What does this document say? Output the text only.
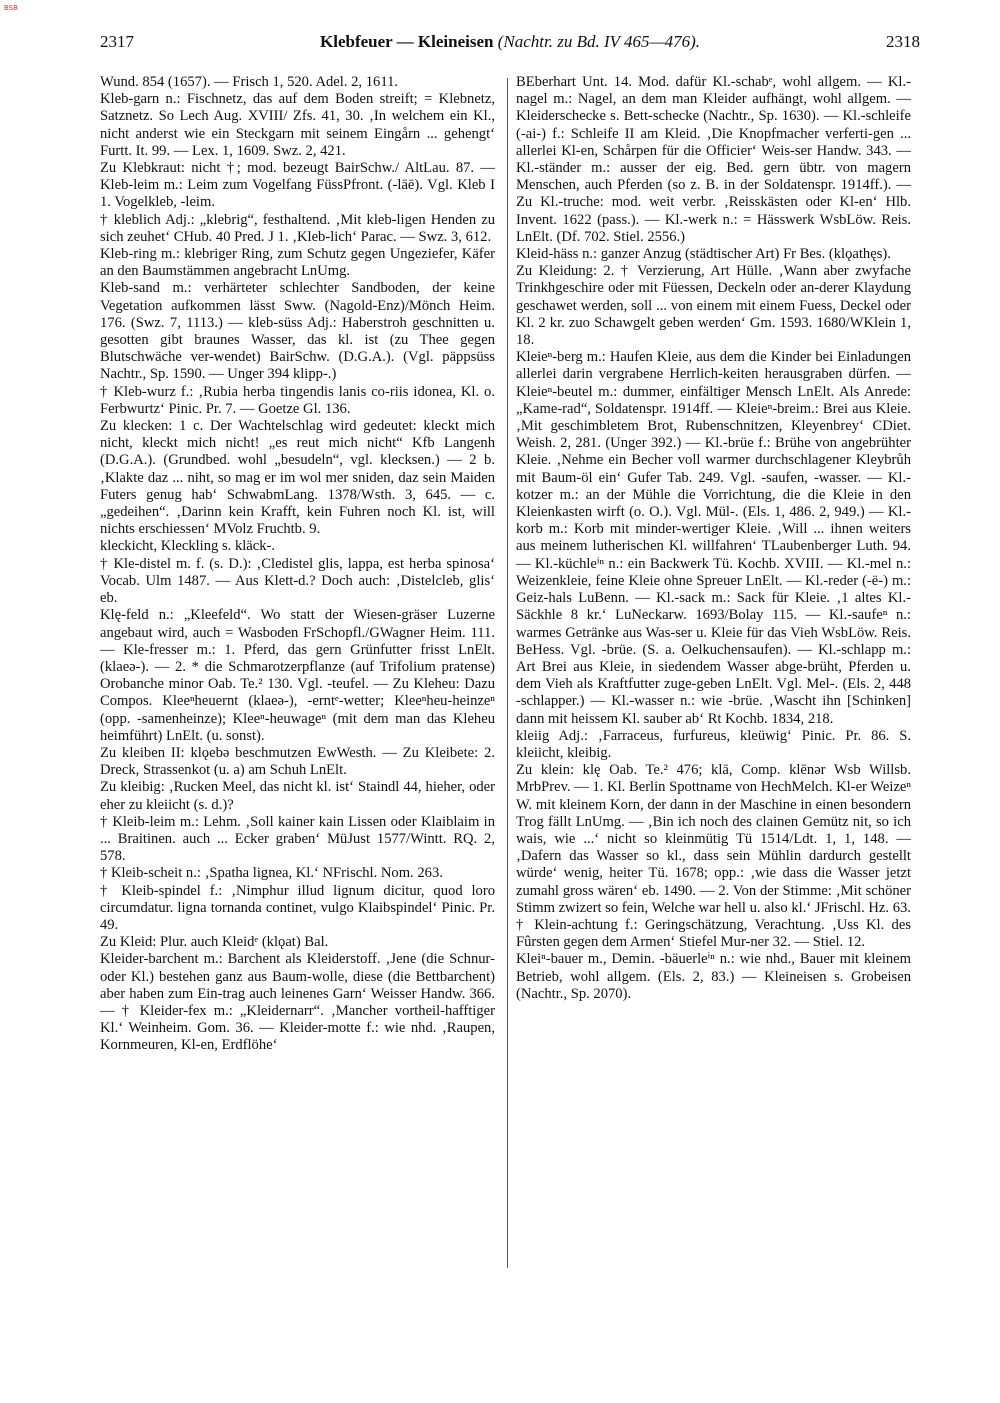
BSB
2317	Klebfeuer — Kleineisen (Nachtr. zu Bd. IV 465—476).	2318

Wund. 854 (1657). — Frisch 1, 520. Adel. 2, 1611.

Kleb-garn n.: Fischnetz, das auf dem Boden streift; = Klebnetz, Satznetz. So Lech Aug. XVIII/ Zfs. 41, 30. ‚In welchem ein Kl., nicht anderst wie ein Steckgarn mit seinem Eingårn ... gehengt‘ Furtt. It. 99. — Lex. 1, 1609. Swz. 2, 421.

Zu Klebkraut: nicht †; mod. bezeugt BairSchw./ AltLau. 87. — Kleb-leim m.: Leim zum Vogelfang FüssPfront. (-lāē). Vgl. Kleb I 1. Vogelkleb, -leim.

† kleblich Adj.: „klebrig“, festhaltend. ‚Mit kleb-ligen Henden zu sich zeuhet‘ CHub. 40 Pred. J 1. ‚Kleb-lich‘ Parac. — Swz. 3, 612.

Kleb-ring m.: klebriger Ring, zum Schutz gegen Ungeziefer, Käfer an den Baumstämmen angebracht LnUmg.

Kleb-sand m.: verhärteter schlechter Sandboden, der keine Vegetation aufkommen lässt Sww. (Nagold-Enz)/Mönch Heim. 176. (Swz. 7, 1113.) — kleb-süss Adj.: Haberstroh geschnitten u. gesotten gibt braunes Wasser, das kl. ist (zu Thee gegen Blutschwäche ver-wendet) BairSchw. (D.G.A.). (Vgl. päppsüss Nachtr., Sp. 1590. — Unger 394 klipp-.)

† Kleb-wurz f.: ‚Rubia herba tingendis lanis co-riis idonea, Kl. o. Ferbwurtz‘ Pinic. Pr. 7. — Goetze Gl. 136.

Zu klecken: 1 c. Der Wachtelschlag wird gedeutet: kleckt mich nicht, kleckt mich nicht! „es reut mich nicht“ Kfb Langenh (D.G.A.). (Grundbed. wohl „besudeln“, vgl. klecksen.) — 2 b. ‚Klakte daz ... niht, so mag er im wol mer sniden, daz sein Maiden Futers genug hab‘ SchwabmLang. 1378/Wsth. 3, 645. — c. „gedeihen“. ‚Darinn kein Krafft, kein Fuhren noch Kl. ist, will nichts erschiessen‘ MVolz Fruchtb. 9.

kleckicht, Kleckling s. kläck-.

† Kle-distel m. f. (s. D.): ‚Cledistel glis, lappa, est herba spinosa‘ Vocab. Ulm 1487. — Aus Klett-d.? Doch auch: ‚Distelcleb, glis‘ eb.

Klę-feld n.: „Kleefeld“. Wo statt der Wiesen-gräser Luzerne angebaut wird, auch = Wasboden FrSchopfl./GWagner Heim. 111. — Kle-fresser m.: 1. Pferd, das gern Grünfutter frisst LnElt. (klaeə-). — 2. * die Schmarotzerpflanze (auf Trifolium pratense) Orobanche minor Oab. Te.² 130. Vgl. -teufel. — Zu Kleheu: Dazu Compos. Kleeⁿheuernt (klaeə-), -erntᵉ-wetter; Kleeⁿheu-heinzeⁿ (opp. -samenheinze); Kleeⁿ-heuwageⁿ (mit dem man das Kleheu heimführt) LnElt. (u. sonst).

Zu kleiben II: klǫebə beschmutzen EwWesth. — Zu Kleibete: 2. Dreck, Strassenkot (u. a) am Schuh LnElt.

Zu kleibig: ‚Rucken Meel, das nicht kl. ist‘ Staindl 44, hieher, oder eher zu kleiicht (s. d.)?

† Kleib-leim m.: Lehm. ‚Soll kainer kain Lissen oder Klaiblaim in ... Braitinen. auch ... Ecker graben‘ MüJust 1577/Wintt. RQ. 2, 578.

† Kleib-scheit n.: ‚Spatha lignea, Kl.‘ NFrischl. Nom. 263.

† Kleib-spindel f.: ‚Nimphur illud lignum dicitur, quod loro circumdatur. ligna tornanda continet, vulgo Klaibspindel‘ Pinic. Pr. 49.

Zu Kleid: Plur. auch Kleidᵉ (klǫat) Bal.

Kleider-barchent m.: Barchent als Kleiderstoff. ‚Jene (die Schnur- oder Kl.) bestehen ganz aus Baum-wolle, diese (die Bettbarchent) aber haben zum Ein-trag auch leinenes Garn‘ Weisser Handw. 366. — † Kleider-fex m.: „Kleidernarr“. ‚Mancher vortheil-hafftiger Kl.‘ Weinheim. Gom. 36. — Kleider-motte f.: wie nhd. ‚Raupen, Kornmeuren, Kl-en, Erdflöhe‘

BEberhart Unt. 14. Mod. dafür Kl.-schabᵉ, wohl allgem. — Kl.-nagel m.: Nagel, an dem man Kleider aufhängt, wohl allgem. — Kleiderschecke s. Bett-schecke (Nachtr., Sp. 1630). — Kl.-schleife (-ai-) f.: Schleife II am Kleid. ‚Die Knopfmacher verferti-gen ... allerlei Kl-en, Schårpen für die Officier‘ Weis-ser Handw. 343. — Kl.-ständer m.: ausser der eig. Bed. gern übtr. von magern Menschen, auch Pferden (so z. B. in der Soldatenspr. 1914ff.). — Zu Kl.-truche: mod. weit verbr. ‚Reisskästen oder Kl-en‘ Hlb. Invent. 1622 (pass.). — Kl.-werk n.: = Hässwerk WsbLöw. Reis. LnElt. (Df. 702. Stiel. 2556.)

Kleid-häss n.: ganzer Anzug (städtischer Art) Fr Bes. (klǫathęs).

Zu Kleidung: 2. † Verzierung, Art Hülle. ‚Wann aber zwyfache Trinkhgeschire oder mit Füessen, Deckeln oder an-derer Klaydung geschawet werden, soll ... von einem mit einem Fuess, Deckel oder Kl. 2 kr. zuo Schawgelt geben werden‘ Gm. 1593. 1680/WKlein 1, 18.

Kleieⁿ-berg m.: Haufen Kleie, aus dem die Kinder bei Einladungen allerlei darin vergrabene Herrlich-keiten herausgraben dürfen. — Kleieⁿ-beutel m.: dummer, einfältiger Mensch LnElt. Als Anrede: „Kame-rad“, Soldatenspr. 1914ff. — Kleieⁿ-breim.: Brei aus Kleie. ‚Mit geschimbletem Brot, Rubenschnitzen, Kleyenbrey‘ CDiet. Weish. 2, 281. (Unger 392.) — Kl.-brüe f.: Brühe von angebrühter Kleie. ‚Nehme ein Becher voll warmer durchschlagener Kleybrůh mit Baum-öl ein‘ Gufer Tab. 249. Vgl. -saufen, -wasser. — Kl.-kotzer m.: an der Mühle die Vorrichtung, die die Kleie in den Kleienkasten wirft (o. O.). Vgl. Mül-. (Els. 1, 486. 2, 949.) — Kl.-korb m.: Korb mit minder-wertiger Kleie. ‚Will ... ihnen weiters aus meinem lutherischen Kl. willfahren‘ TLaubenberger Luth. 94. — Kl.-küchleⁱⁿ n.: ein Backwerk Tü. Kochb. XVIII. — Kl.-mel n.: Weizenkleie, feine Kleie ohne Spreuer LnElt. — Kl.-reder (-ë-) m.: Geiz-hals LuBenn. — Kl.-sack m.: Sack für Kleie. ‚1 altes Kl.-Säckhle 8 kr.‘ LuNeckarw. 1693/Bolay 115. — Kl.-saufeⁿ n.: warmes Getränke aus Was-ser u. Kleie für das Vieh WsbLöw. Reis. BeHess. Vgl. -brüe. (S. a. Oelkuchensaufen). — Kl.-schlapp m.: Art Brei aus Kleie, in siedendem Wasser abge-brüht, Pferden u. dem Vieh als Kraftfutter zuge-geben LnElt. Vgl. Mel-. (Els. 2, 448 -schlapper.) — Kl.-wasser n.: wie -brüe. ‚Wascht ihn [Schinken] dann mit heissem Kl. sauber ab‘ Rt Kochb. 1834, 218.

kleiig Adj.: ‚Farraceus, furfureus, kleüwig‘ Pinic. Pr. 86. S. kleiicht, kleibig.

Zu klein: klę Oab. Te.² 476; klā, Comp. klēnər Wsb Willsb. MrbPrev. — 1. Kl. Berlin Spottname von HechMelch. Kl-er Weizeⁿ W. mit kleinem Korn, der dann in der Maschine in einen besondern Trog fällt LnUmg. — ‚Bin ich noch des clainen Gemütz nit, so ich wais, wie ...‘ nicht so kleinmütig Tü 1514/Ldt. 1, 1, 148. — ‚Dafern das Wasser so kl., dass sein Mühlin dardurch gestellt würde‘ wenig, heiter Tü. 1678; opp.: ‚wie dass die Wasser jetzt zumahl gross wären‘ eb. 1490. — 2. Von der Stimme: ‚Mit schöner Stimm zwizert so fein, Welche war hell u. also kl.‘ JFrischl. Hz. 63.

† Klein-achtung f.: Geringschätzung, Verachtung. ‚Uss Kl. des Fûrsten gegen dem Armen‘ Stiefel Mur-ner 32. — Stiel. 12.

Kleiⁿ-bauer m., Demin. -bäuerleⁱⁿ n.: wie nhd., Bauer mit kleinem Betrieb, wohl allgem. (Els. 2, 83.) — Kleineisen s. Grobeisen (Nachtr., Sp. 2070).
